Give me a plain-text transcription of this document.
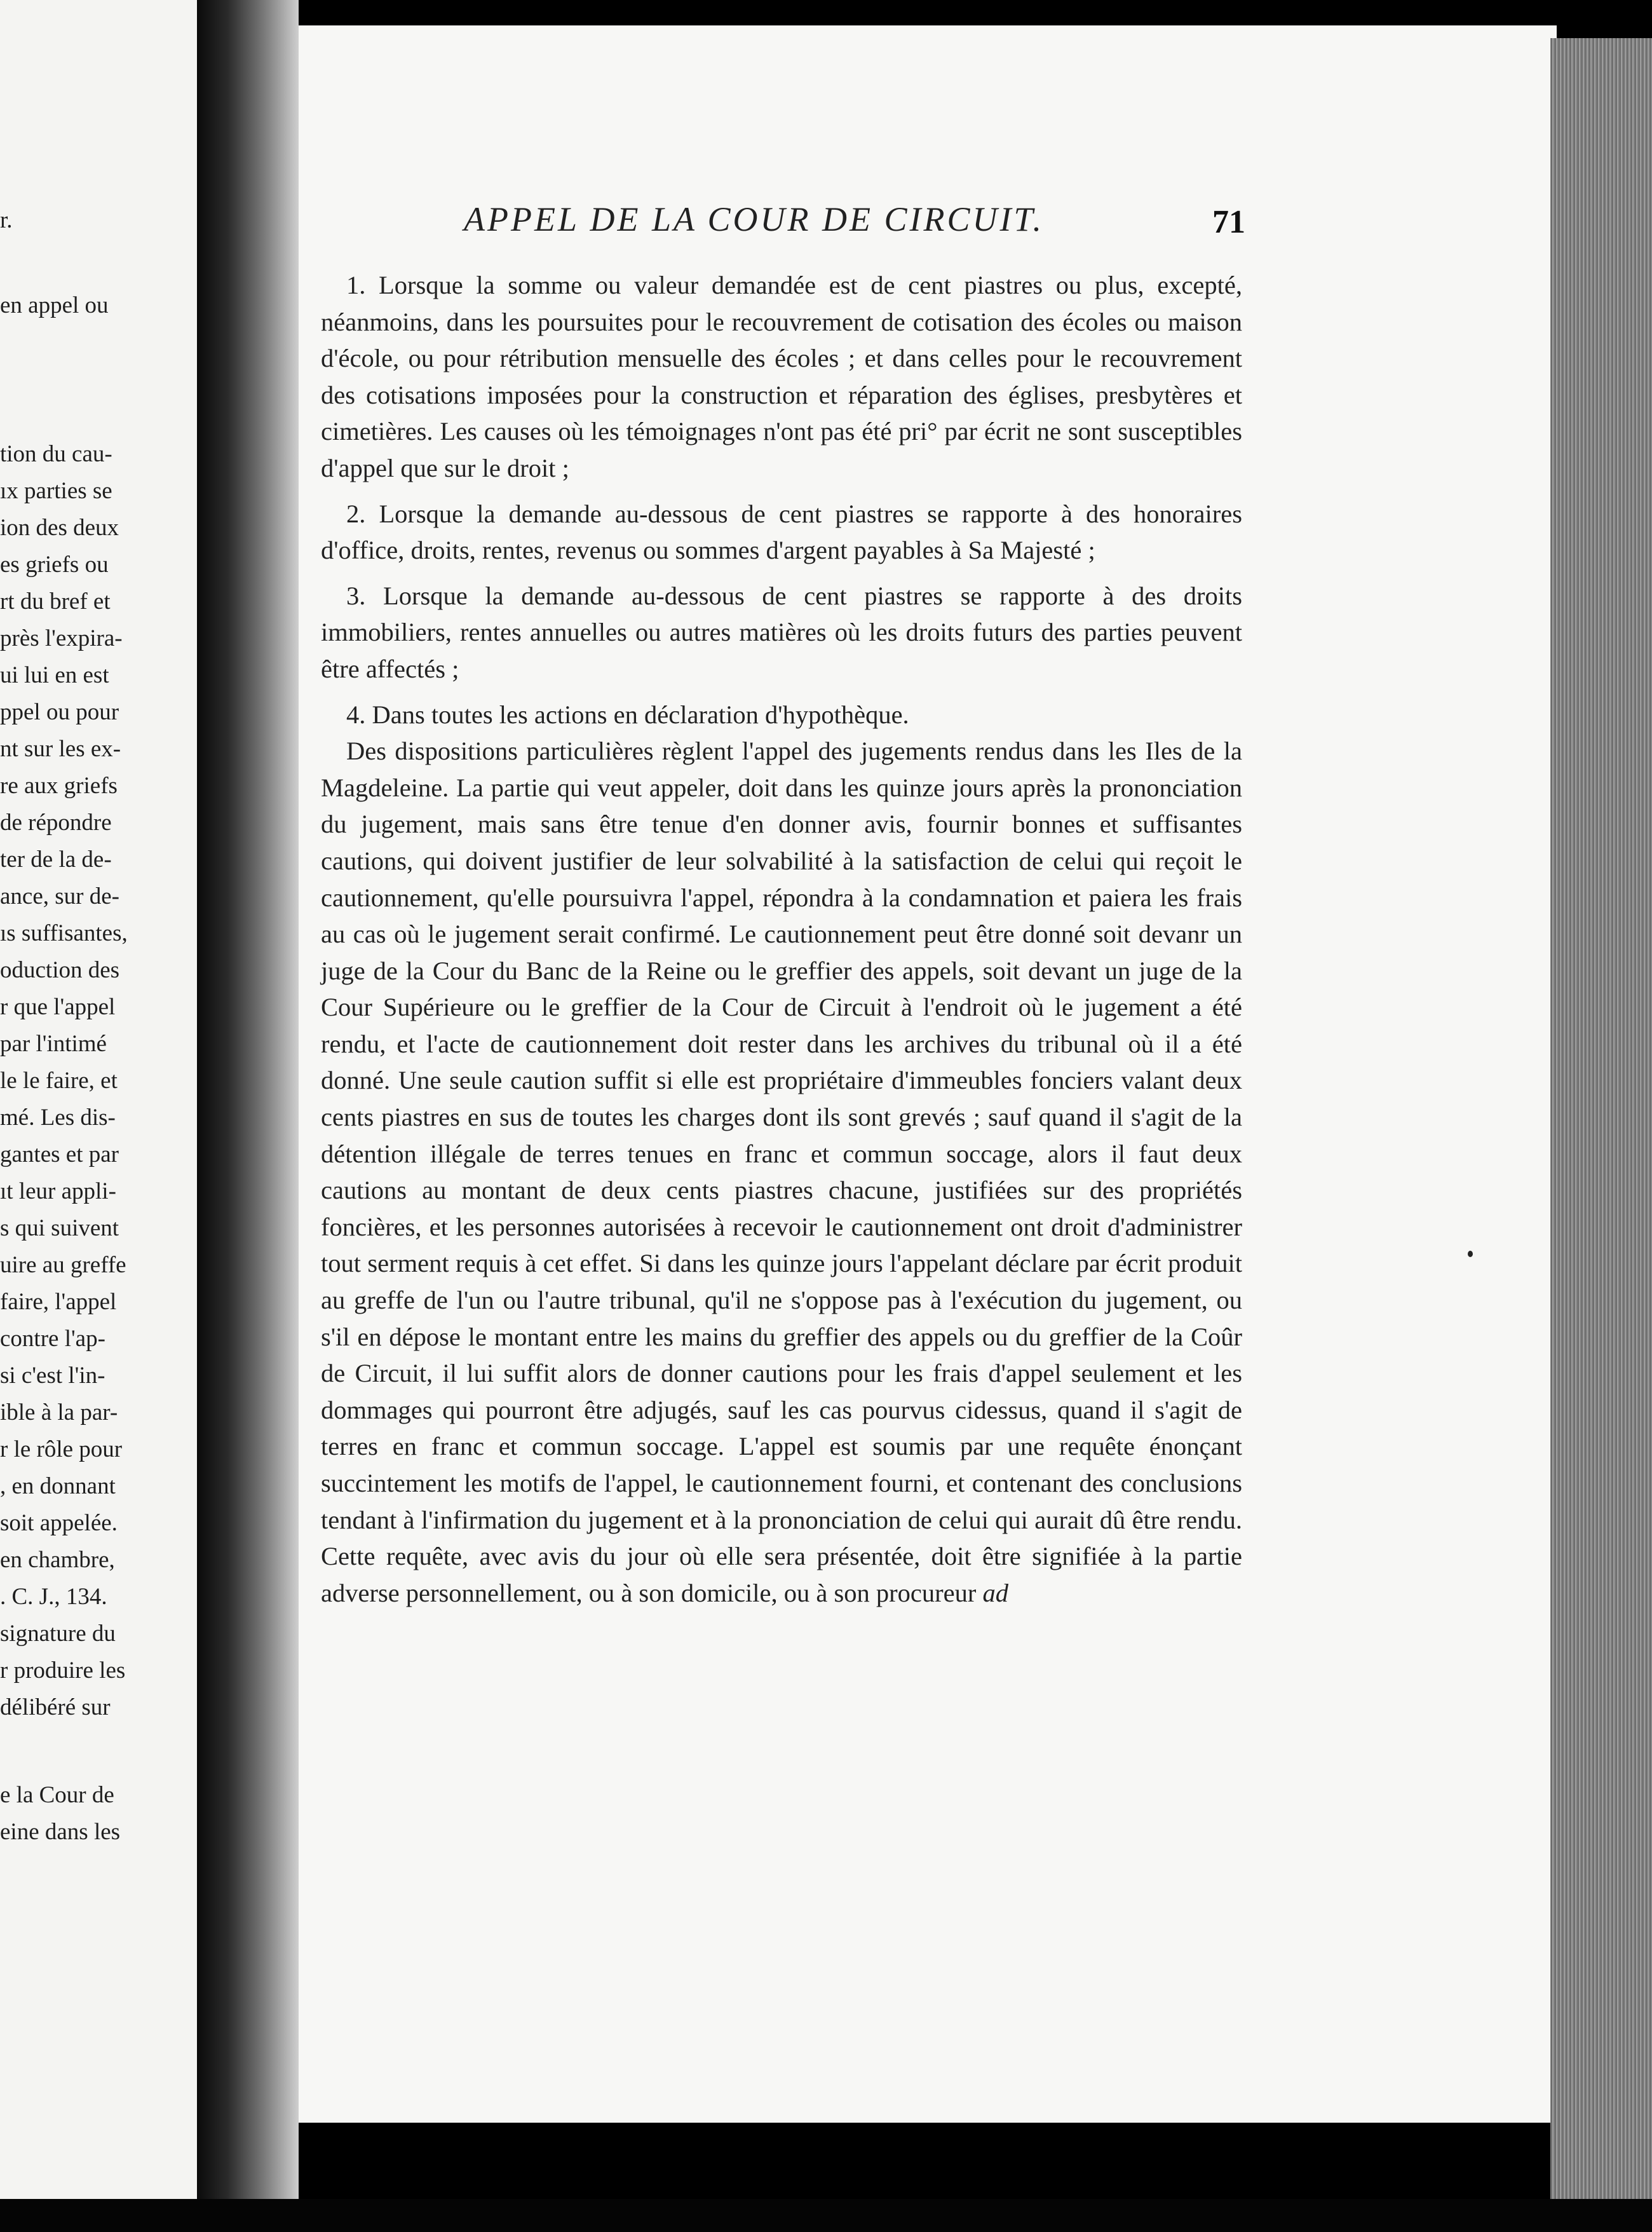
r.
en appel ou
tion du cau-
ıx parties se
ion des deux
es griefs ou
rt du bref et
près l'expira-
ui lui en est
ppel ou pour
nt sur les ex-
re aux griefs
de répondre
ter de la de-
ance, sur de-
ıs suffisantes,
oduction des
r que l'appel
par l'intimé
le le faire, et
mé. Les dis-
gantes et par
ıt leur appli-
s qui suivent
uire au greffe
faire, l'appel
contre l'ap-
si c'est l'in-
ible à la par-
r le rôle pour
, en donnant
soit appelée.
en chambre,
. C. J., 134.
signature du
r produire les
délibéré sur
e la Cour de
eine dans les
APPEL DE LA COUR DE CIRCUIT.	71

1. Lorsque la somme ou valeur demandée est de cent piastres ou plus, excepté, néanmoins, dans les poursuites pour le recouvrement de cotisation des écoles ou maison d'école, ou pour rétribution mensuelle des écoles ; et dans celles pour le recouvrement des cotisations imposées pour la construction et réparation des églises, presbytères et cimetières. Les causes où les témoignages n'ont pas été pri° par écrit ne sont susceptibles d'appel que sur le droit ;

2. Lorsque la demande au-dessous de cent piastres se rapporte à des honoraires d'office, droits, rentes, revenus ou sommes d'argent payables à Sa Majesté ;

3. Lorsque la demande au-dessous de cent piastres se rapporte à des droits immobiliers, rentes annuelles ou autres matières où les droits futurs des parties peuvent être affectés ;

4. Dans toutes les actions en déclaration d'hypothèque.

Des dispositions particulières règlent l'appel des jugements rendus dans les Iles de la Magdeleine. La partie qui veut appeler, doit dans les quinze jours après la prononciation du jugement, mais sans être tenue d'en donner avis, fournir bonnes et suffisantes cautions, qui doivent justifier de leur solvabilité à la satisfaction de celui qui reçoit le cautionnement, qu'elle poursuivra l'appel, répondra à la condamnation et paiera les frais au cas où le jugement serait confirmé. Le cautionnement peut être donné soit devanr un juge de la Cour du Banc de la Reine ou le greffier des appels, soit devant un juge de la Cour Supérieure ou le greffier de la Cour de Circuit à l'endroit où le jugement a été rendu, et l'acte de cautionnement doit rester dans les archives du tribunal où il a été donné. Une seule caution suffit si elle est propriétaire d'immeubles fonciers valant deux cents piastres en sus de toutes les charges dont ils sont grevés ; sauf quand il s'agit de la détention illégale de terres tenues en franc et commun soccage, alors il faut deux cautions au montant de deux cents piastres chacune, justifiées sur des propriétés foncières, et les personnes autorisées à recevoir le cautionnement ont droit d'administrer tout serment requis à cet effet. Si dans les quinze jours l'appelant déclare par écrit produit au greffe de l'un ou l'autre tribunal, qu'il ne s'oppose pas à l'exécution du jugement, ou s'il en dépose le montant entre les mains du greffier des appels ou du greffier de la Coûr de Circuit, il lui suffit alors de donner cautions pour les frais d'appel seulement et les dommages qui pourront être adjugés, sauf les cas pourvus cidessus, quand il s'agit de terres en franc et commun soccage. L'appel est soumis par une requête énonçant succintement les motifs de l'appel, le cautionnement fourni, et contenant des conclusions tendant à l'infirmation du jugement et à la prononciation de celui qui aurait dû être rendu. Cette requête, avec avis du jour où elle sera présentée, doit être signifiée à la partie adverse personnellement, ou à son domicile, ou à son procureur ad
